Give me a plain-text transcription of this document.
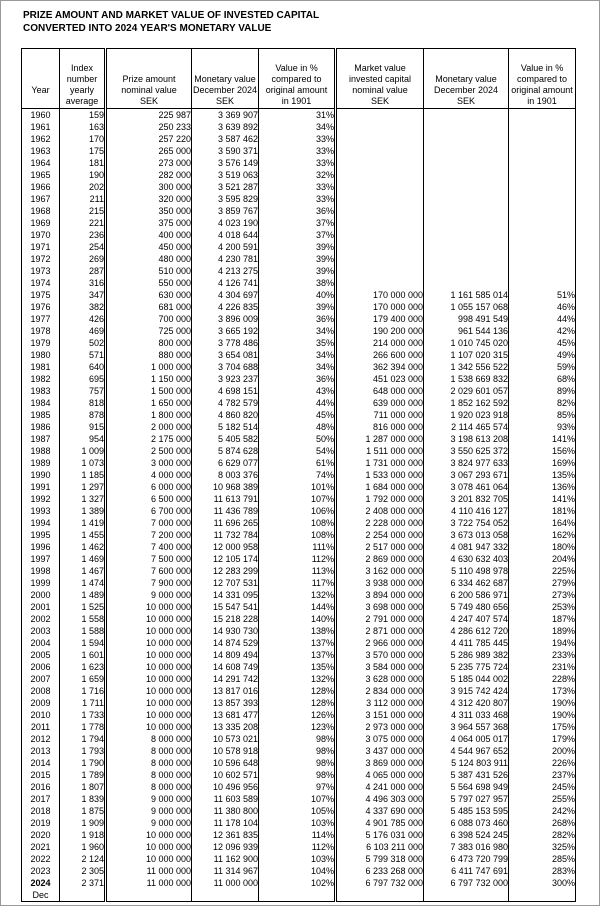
PRIZE AMOUNT AND MARKET VALUE OF INVESTED CAPITAL
CONVERTED INTO 2024 YEAR'S MONETARY VALUE
Year	Index
number
yearly
average	Prize amount
nominal value
SEK	Monetary value
December 2024
SEK	Value in %
compared to
original amount
in 1901	Market value
invested capital
nominal value
SEK	Monetary value
December 2024
SEK	Value in %
compared to
original amount
in 1901
1960	159	225 987	3 369 907	31%			
1961	163	250 233	3 639 892	34%			
1962	170	257 220	3 587 462	33%			
1963	175	265 000	3 590 371	33%			
1964	181	273 000	3 576 149	33%			
1965	190	282 000	3 519 063	32%			
1966	202	300 000	3 521 287	33%			
1967	211	320 000	3 595 829	33%			
1968	215	350 000	3 859 767	36%			
1969	221	375 000	4 023 190	37%			
1970	236	400 000	4 018 644	37%			
1971	254	450 000	4 200 591	39%			
1972	269	480 000	4 230 781	39%			
1973	287	510 000	4 213 275	39%			
1974	316	550 000	4 126 741	38%			
1975	347	630 000	4 304 697	40%	170 000 000	1 161 585 014	51%
1976	382	681 000	4 226 835	39%	170 000 000	1 055 157 068	46%
1977	426	700 000	3 896 009	36%	179 400 000	998 491 549	44%
1978	469	725 000	3 665 192	34%	190 200 000	961 544 136	42%
1979	502	800 000	3 778 486	35%	214 000 000	1 010 745 020	45%
1980	571	880 000	3 654 081	34%	266 600 000	1 107 020 315	49%
1981	640	1 000 000	3 704 688	34%	362 394 000	1 342 556 522	59%
1982	695	1 150 000	3 923 237	36%	451 023 000	1 538 669 832	68%
1983	757	1 500 000	4 698 151	43%	648 000 000	2 029 601 057	89%
1984	818	1 650 000	4 782 579	44%	639 000 000	1 852 162 592	82%
1985	878	1 800 000	4 860 820	45%	711 000 000	1 920 023 918	85%
1986	915	2 000 000	5 182 514	48%	816 000 000	2 114 465 574	93%
1987	954	2 175 000	5 405 582	50%	1 287 000 000	3 198 613 208	141%
1988	1 009	2 500 000	5 874 628	54%	1 511 000 000	3 550 625 372	156%
1989	1 073	3 000 000	6 629 077	61%	1 731 000 000	3 824 977 633	169%
1990	1 185	4 000 000	8 003 376	74%	1 533 000 000	3 067 293 671	135%
1991	1 297	6 000 000	10 968 389	101%	1 684 000 000	3 078 461 064	136%
1992	1 327	6 500 000	11 613 791	107%	1 792 000 000	3 201 832 705	141%
1993	1 389	6 700 000	11 436 789	106%	2 408 000 000	4 110 416 127	181%
1994	1 419	7 000 000	11 696 265	108%	2 228 000 000	3 722 754 052	164%
1995	1 455	7 200 000	11 732 784	108%	2 254 000 000	3 673 013 058	162%
1996	1 462	7 400 000	12 000 958	111%	2 517 000 000	4 081 947 332	180%
1997	1 469	7 500 000	12 105 174	112%	2 869 000 000	4 630 632 403	204%
1998	1 467	7 600 000	12 283 299	113%	3 162 000 000	5 110 498 978	225%
1999	1 474	7 900 000	12 707 531	117%	3 938 000 000	6 334 462 687	279%
2000	1 489	9 000 000	14 331 095	132%	3 894 000 000	6 200 586 971	273%
2001	1 525	10 000 000	15 547 541	144%	3 698 000 000	5 749 480 656	253%
2002	1 558	10 000 000	15 218 228	140%	2 791 000 000	4 247 407 574	187%
2003	1 588	10 000 000	14 930 730	138%	2 871 000 000	4 286 612 720	189%
2004	1 594	10 000 000	14 874 529	137%	2 966 000 000	4 411 785 445	194%
2005	1 601	10 000 000	14 809 494	137%	3 570 000 000	5 286 989 382	233%
2006	1 623	10 000 000	14 608 749	135%	3 584 000 000	5 235 775 724	231%
2007	1 659	10 000 000	14 291 742	132%	3 628 000 000	5 185 044 002	228%
2008	1 716	10 000 000	13 817 016	128%	2 834 000 000	3 915 742 424	173%
2009	1 711	10 000 000	13 857 393	128%	3 112 000 000	4 312 420 807	190%
2010	1 733	10 000 000	13 681 477	126%	3 151 000 000	4 311 033 468	190%
2011	1 778	10 000 000	13 335 208	123%	2 973 000 000	3 964 557 368	175%
2012	1 794	8 000 000	10 573 021	98%	3 075 000 000	4 064 005 017	179%
2013	1 793	8 000 000	10 578 918	98%	3 437 000 000	4 544 967 652	200%
2014	1 790	8 000 000	10 596 648	98%	3 869 000 000	5 124 803 911	226%
2015	1 789	8 000 000	10 602 571	98%	4 065 000 000	5 387 431 526	237%
2016	1 807	8 000 000	10 496 956	97%	4 241 000 000	5 564 698 949	245%
2017	1 839	9 000 000	11 603 589	107%	4 496 303 000	5 797 027 957	255%
2018	1 875	9 000 000	11 380 800	105%	4 337 690 000	5 485 153 595	242%
2019	1 909	9 000 000	11 178 104	103%	4 901 785 000	6 088 073 460	268%
2020	1 918	10 000 000	12 361 835	114%	5 176 031 000	6 398 524 245	282%
2021	1 960	10 000 000	12 096 939	112%	6 103 211 000	7 383 016 980	325%
2022	2 124	10 000 000	11 162 900	103%	5 799 318 000	6 473 720 799	285%
2023	2 305	11 000 000	11 314 967	104%	6 233 268 000	6 411 747 691	283%
2024
Dec	2 371	11 000 000	11 000 000	102%	6 797 732 000	6 797 732 000	300%
